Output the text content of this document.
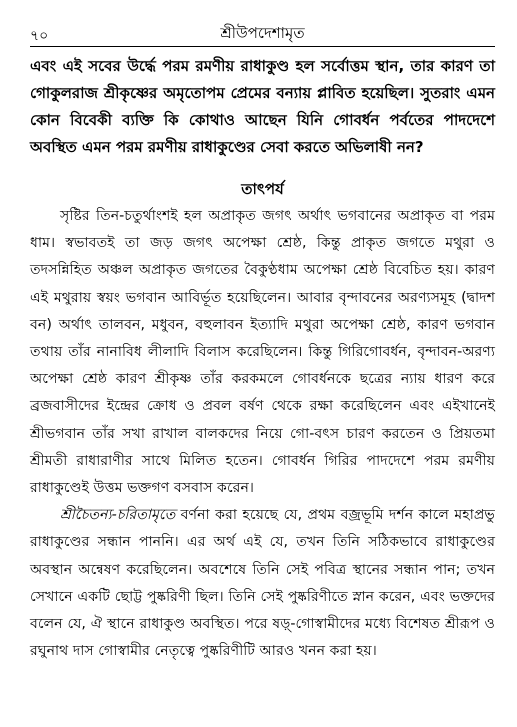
৭০	শ্রীউপদেশামৃত

এবং এই সবের উর্দ্ধে পরম রমণীয় রাধাকুণ্ড হল সর্বোত্তম স্থান, তার কারণ তা গোকুলরাজ শ্রীকৃষ্ণের অমৃতোপম প্রেমের বন্যায় প্লাবিত হয়েছিল। সুতরাং এমন কোন বিবেকী ব্যক্তি কি কোথাও আছেন যিনি গোবর্ধন পর্বতের পাদদেশে অবস্থিত এমন পরম রমণীয় রাধাকুণ্ডের সেবা করতে অভিলাষী নন?

তাৎপর্য

সৃষ্টির তিন-চতুর্থাংশই হল অপ্রাকৃত জগৎ অর্থাৎ ভগবানের অপ্রাকৃত বা পরম ধাম। স্বভাবতই তা জড় জগৎ অপেক্ষা শ্রেষ্ঠ, কিন্তু প্রাকৃত জগতে মথুরা ও তদসন্নিহিত অঞ্চল অপ্রাকৃত জগতের বৈকুণ্ঠধাম অপেক্ষা শ্রেষ্ঠ বিবেচিত হয়। কারণ এই মথুরায় স্বয়ং ভগবান আবির্ভূত হয়েছিলেন। আবার বৃন্দাবনের অরণ্যসমূহ (দ্বাদশ বন) অর্থাৎ তালবন, মধুবন, বহুলাবন ইত্যাদি মথুরা অপেক্ষা শ্রেষ্ঠ, কারণ ভগবান তথায় তাঁর নানাবিধ লীলাদি বিলাস করেছিলেন। কিন্তু গিরিগোবর্ধন, বৃন্দাবন-অরণ্য অপেক্ষা শ্রেষ্ঠ কারণ শ্রীকৃষ্ণ তাঁর করকমলে গোবর্ধনকে ছত্রের ন্যায় ধারণ করে ব্রজবাসীদের ইন্দ্রের ক্রোধ ও প্রবল বর্ষণ থেকে রক্ষা করেছিলেন এবং এইখানেই শ্রীভগবান তাঁর সখা রাখাল বালকদের নিয়ে গো-বৎস চারণ করতেন ও প্রিয়তমা শ্রীমতী রাধারাণীর সাথে মিলিত হতেন। গোবর্ধন গিরির পাদদেশে পরম রমণীয় রাধাকুণ্ডেই উত্তম ভক্তগণ বসবাস করেন।

শ্রীচৈতন্য-চরিতামৃতে বর্ণনা করা হয়েছে যে, প্রথম বজ্রভূমি দর্শন কালে মহাপ্রভু রাধাকুণ্ডের সন্ধান পাননি। এর অর্থ এই যে, তখন তিনি সঠিকভাবে রাধাকুণ্ডের অবস্থান অন্বেষণ করেছিলেন। অবশেষে তিনি সেই পবিত্র স্থানের সন্ধান পান; তখন সেখানে একটি ছোট্ট পুষ্করিণী ছিল। তিনি সেই পুষ্করিণীতে স্নান করেন, এবং ভক্তদের বলেন যে, ঐ স্থানে রাধাকুণ্ড অবস্থিত। পরে ষড়্‌-গোস্বামীদের মধ্যে বিশেষত শ্রীরূপ ও রঘুনাথ দাস গোস্বামীর নেতৃত্বে পুষ্করিণীটি আরও খনন করা হয়।
